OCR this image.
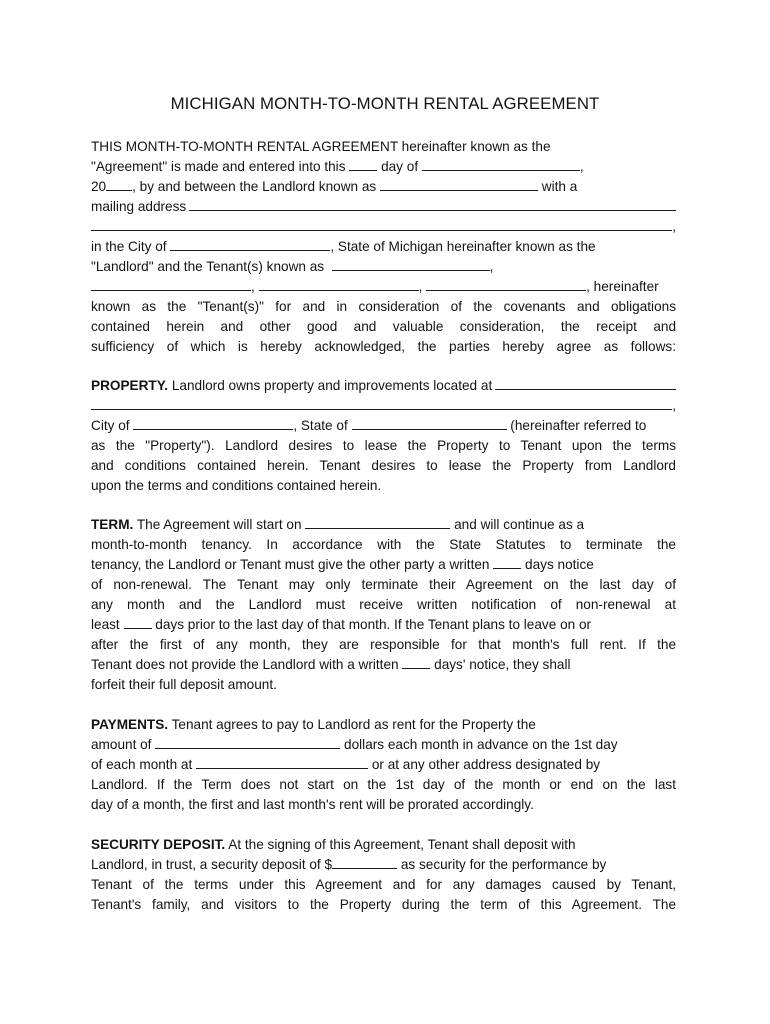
MICHIGAN MONTH-TO-MONTH RENTAL AGREEMENT
THIS MONTH-TO-MONTH RENTAL AGREEMENT hereinafter known as the
"Agreement" is made and entered into this	day of	,
20 , by and between the Landlord known as	with a
mailing address
,
in the City of	, State of Michigan hereinafter known as the
"Landlord" and the Tenant(s) known as	,
,	,	, hereinafter
known as the "Tenant(s)" for and in consideration of the covenants and obligations
contained herein and other good and valuable consideration, the receipt and
sufficiency of which is hereby acknowledged, the parties hereby agree as follows:
PROPERTY.
Landlord owns property and improvements located at
,
City of	, State of	(hereinafter referred to
as the "Property"). Landlord desires to lease the Property to Tenant upon the terms
and conditions contained herein. Tenant desires to lease the Property from Landlord
upon the terms and conditions contained herein.
TERM. The Agreement will start on	and will continue as a
month-to-month tenancy. In accordance with the State Statutes to terminate the
tenancy, the Landlord or Tenant must give the other party a written	days notice
of non-renewal. The Tenant may only terminate their Agreement on the last day of
any month and the Landlord must receive written notification of non-renewal at
least	days prior to the last day of that month. If the Tenant plans to leave on or
after the first of any month, they are responsible for that month's full rent. If the
Tenant does not provide the Landlord with a written	days' notice, they shall
forfeit their full deposit amount.
PAYMENTS. Tenant agrees to pay to Landlord as rent for the Property the
amount of	dollars each month in advance on the 1st day
of each month at	or at any other address designated by
Landlord. If the Term does not start on the 1st day of the month or end on the last
day of a month, the first and last month's rent will be prorated accordingly.
SECURITY DEPOSIT. At the signing of this Agreement, Tenant shall deposit with
Landlord, in trust, a security deposit of $	as security for the performance by
Tenant of the terms under this Agreement and for any damages caused by Tenant,
Tenant's family, and visitors to the Property during the term of this Agreement. The
